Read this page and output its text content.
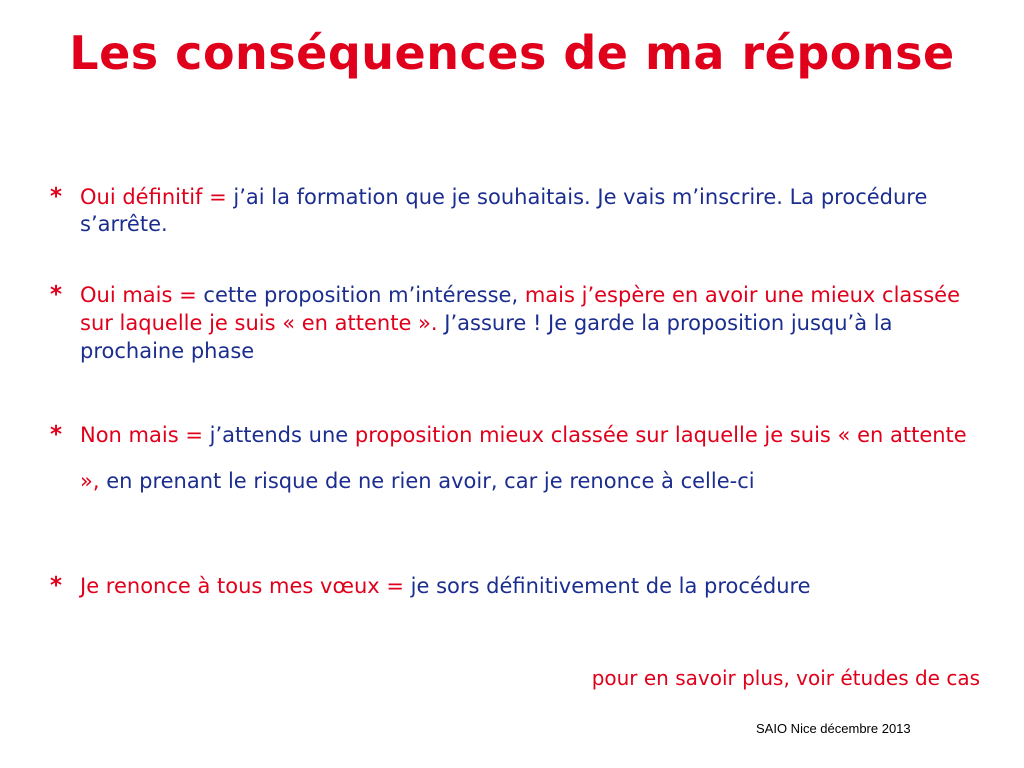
Les conséquences de ma réponse
* Oui définitif = j’ai la formation que je souhaitais. Je vais m’inscrire. La procédure s’arrête.
* Oui mais = cette proposition m’intéresse, mais j’espère en avoir une mieux classée sur laquelle je suis « en attente ». J’assure ! Je garde la proposition jusqu’à la prochaine phase
* Non mais = j’attends une proposition mieux classée sur laquelle je suis « en attente », en prenant le risque de ne rien avoir, car je renonce à celle-ci
* Je renonce à tous mes vœux = je sors définitivement de la procédure
pour en savoir plus, voir études de cas
SAIO Nice décembre 2013
